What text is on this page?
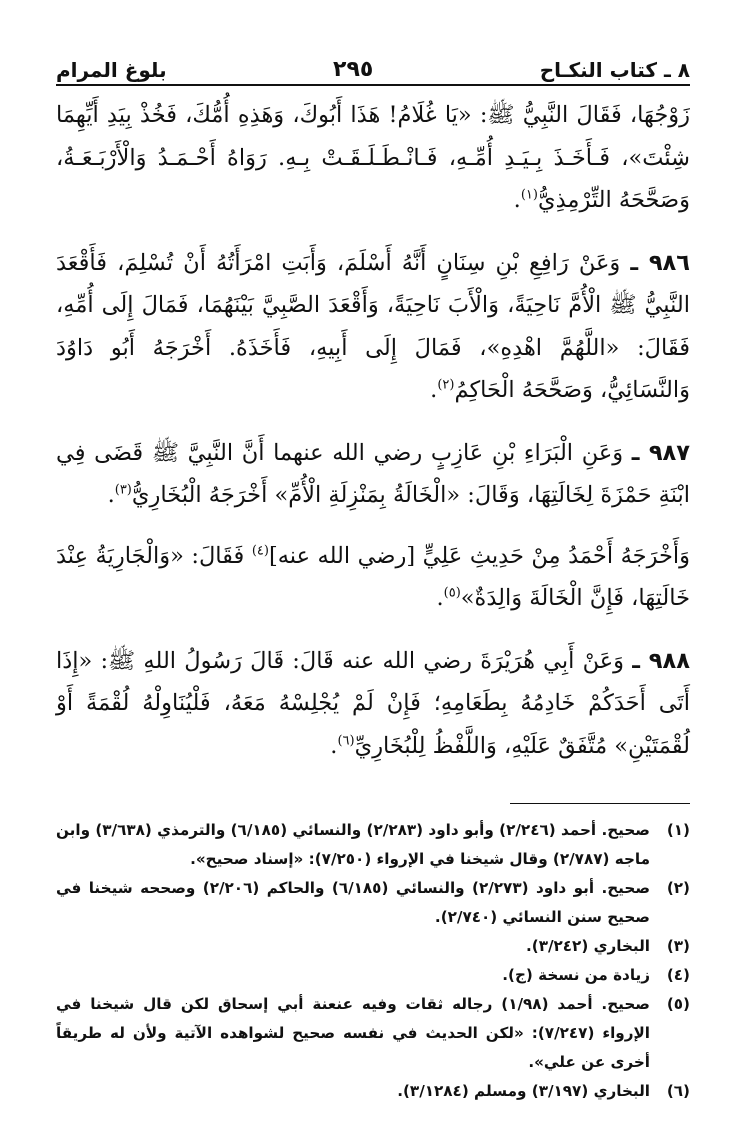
٨ ـ كتاب النكـاح
٢٩٥
بلوغ المرام

زَوْجُهَا، فَقَالَ النَّبِيُّ ﷺ: «يَا غُلَامُ! هَذَا أَبُوكَ، وَهَذِهِ أُمُّكَ، فَخُذْ بِيَدِ أَيِّهِمَا شِئْتَ»، فَـأَخَـذَ بِـيَـدِ أُمِّـهِ، فَـانْـطَـلَـقَـتْ بِـهِ. رَوَاهُ أَحْـمَـدُ وَالْأَرْبَـعَـةُ، وَصَحَّحَهُ التِّرْمِذِيُّ$^{(١)}$.

٩٨٦ ـ وَعَنْ رَافِعِ بْنِ سِنَانٍ أَنَّهُ أَسْلَمَ، وَأَبَتِ امْرَأَتُهُ أَنْ تُسْلِمَ، فَأَقْعَدَ النَّبِيُّ ﷺ الْأُمَّ نَاحِيَةً، وَالْأَبَ نَاحِيَةً، وَأَقْعَدَ الصَّبِيَّ بَيْنَهُمَا، فَمَالَ إِلَى أُمِّهِ، فَقَالَ: «اللَّهُمَّ اهْدِهِ»، فَمَالَ إِلَى أَبِيهِ، فَأَخَذَهُ. أَخْرَجَهُ أَبُو دَاوُدَ وَالنَّسَائِيُّ، وَصَحَّحَهُ الْحَاكِمُ$^{(٢)}$.

٩٨٧ ـ وَعَنِ الْبَرَاءِ بْنِ عَازِبٍ رضي الله عنهما أَنَّ النَّبِيَّ ﷺ قَضَى فِي ابْنَةِ حَمْزَةَ لِخَالَتِهَا، وَقَالَ: «الْخَالَةُ بِمَنْزِلَةِ الْأُمِّ» أَخْرَجَهُ الْبُخَارِيُّ$^{(٣)}$.

وَأَخْرَجَهُ أَحْمَدُ مِنْ حَدِيثِ عَلِيٍّ [رضي الله عنه]$^{(٤)}$ فَقَالَ: «وَالْجَارِيَةُ عِنْدَ خَالَتِهَا، فَإِنَّ الْخَالَةَ وَالِدَةٌ»$^{(٥)}$.

٩٨٨ ـ وَعَنْ أَبِي هُرَيْرَةَ رضي الله عنه قَالَ: قَالَ رَسُولُ اللهِ ﷺ: «إِذَا أَتَى أَحَدَكُمْ خَادِمُهُ بِطَعَامِهِ؛ فَإِنْ لَمْ يُجْلِسْهُ مَعَهُ، فَلْيُنَاوِلْهُ لُقْمَةً أَوْ لُقْمَتَيْنِ» مُتَّفَقٌ عَلَيْهِ، وَاللَّفْظُ لِلْبُخَارِيِّ$^{(٦)}$.

(١)
صحيح. أحمد (٢/٢٤٦) وأبو داود (٢/٢٨٣) والنسائي (٦/١٨٥) والترمذي (٣/٦٣٨) وابن ماجه (٢/٧٨٧) وقال شيخنا في الإرواء (٧/٢٥٠): «إسناد صحيح».
(٢)
صحيح. أبو داود (٢/٢٧٣) والنسائي (٦/١٨٥) والحاكم (٢/٢٠٦) وصححه شيخنا في صحيح سنن النسائي (٢/٧٤٠).
(٣)
البخاري (٣/٢٤٢).
(٤)
زيادة من نسخة (ج).
(٥)
صحيح. أحمد (١/٩٨) رجاله ثقات وفيه عنعنة أبي إسحاق لكن قال شيخنا في الإرواء (٧/٢٤٧): «لكن الحديث في نفسه صحيح لشواهده الآتية ولأن له طريقاً أخرى عن علي».
(٦)
البخاري (٣/١٩٧) ومسلم (٣/١٢٨٤).
